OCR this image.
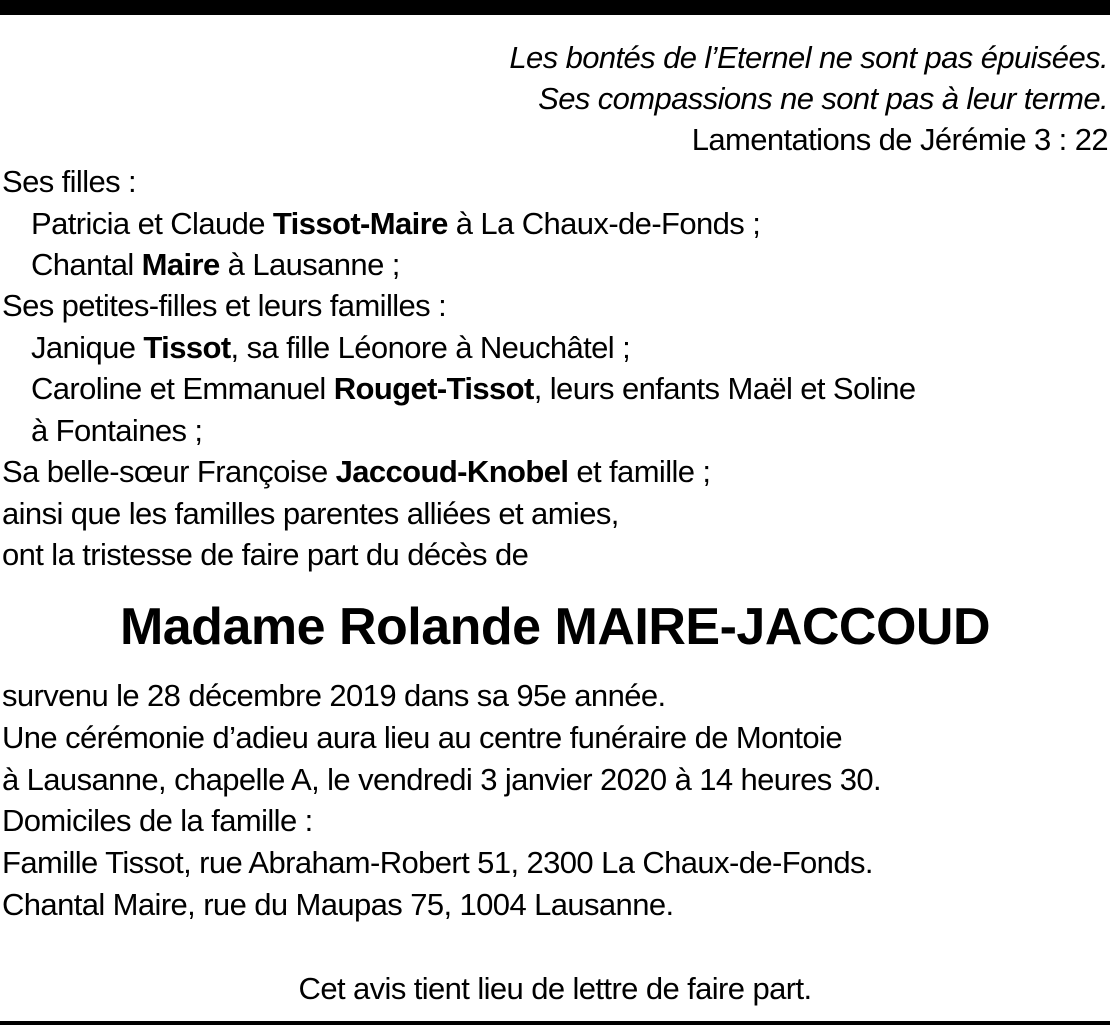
Les bontés de l’Eternel ne sont pas épuisées.
Ses compassions ne sont pas à leur terme.
Lamentations de Jérémie 3 : 22
Ses filles :
Patricia et Claude Tissot-Maire à La Chaux-de-Fonds ;
Chantal Maire à Lausanne ;
Ses petites-filles et leurs familles :
Janique Tissot, sa fille Léonore à Neuchâtel ;
Caroline et Emmanuel Rouget-Tissot, leurs enfants Maël et Soline
à Fontaines ;
Sa belle-sœur Françoise Jaccoud-Knobel et famille ;
ainsi que les familles parentes alliées et amies,
ont la tristesse de faire part du décès de
Madame Rolande MAIRE-JACCOUD
survenu le 28 décembre 2019 dans sa 95e année.
Une cérémonie d’adieu aura lieu au centre funéraire de Montoie
à Lausanne, chapelle A, le vendredi 3 janvier 2020 à 14 heures 30.
Domiciles de la famille :
Famille Tissot, rue Abraham-Robert 51, 2300 La Chaux-de-Fonds.
Chantal Maire, rue du Maupas 75, 1004 Lausanne.
Cet avis tient lieu de lettre de faire part.
